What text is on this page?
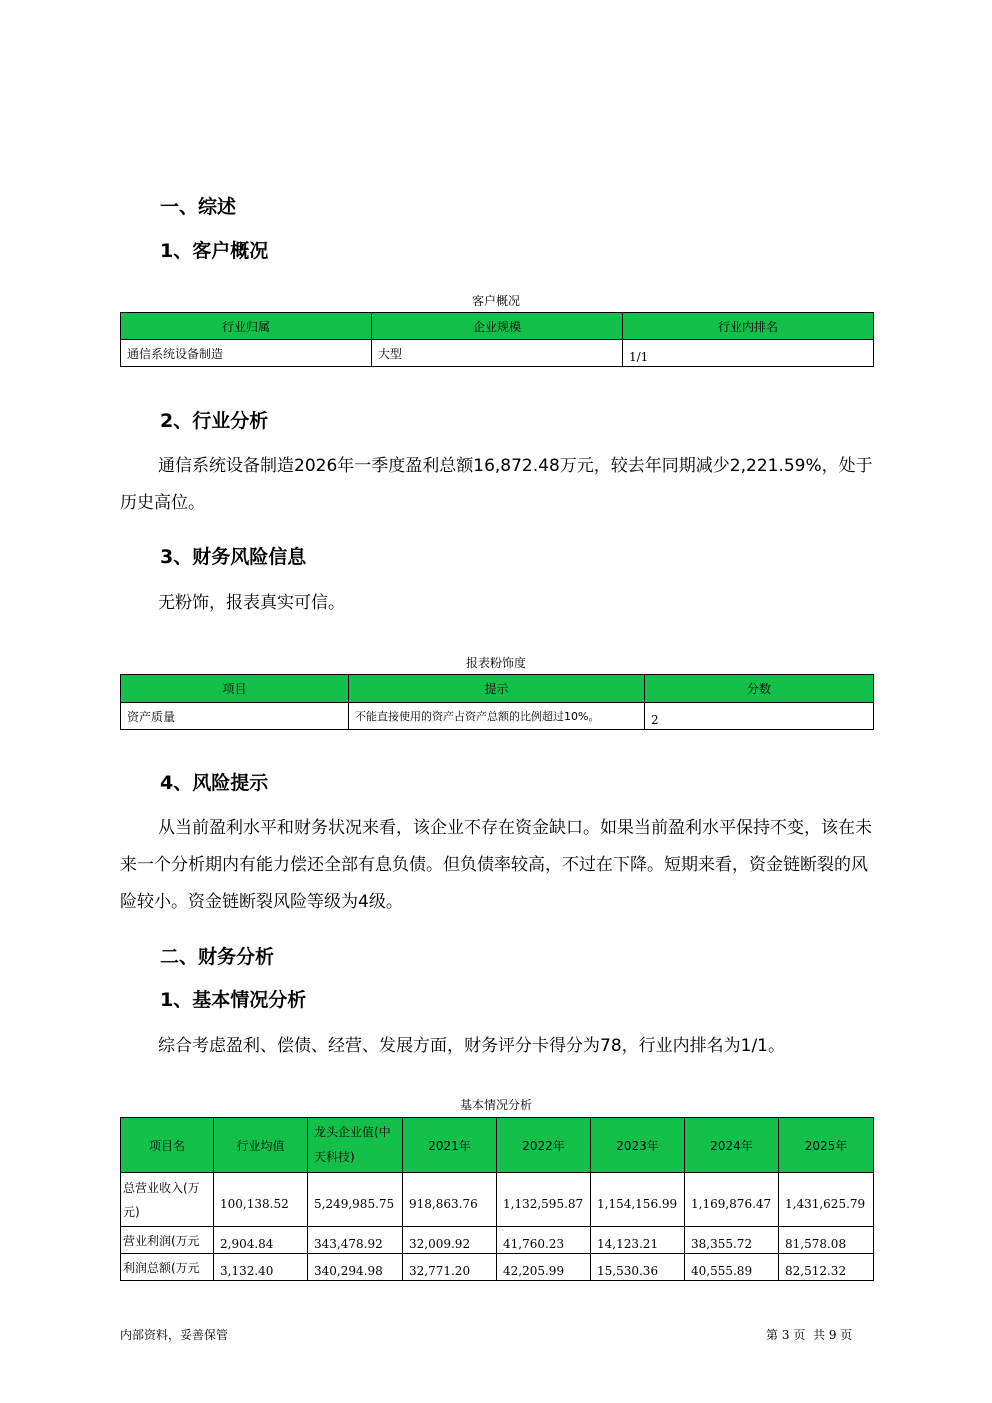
一、综述
1、客户概况
客户概况
行业归属	企业规模	行业内排名
通信系统设备制造	大型	1/1
2、行业分析
通信系统设备制造2026年一季度盈利总额16,872.48万元，较去年同期减少2,221.59%，处于历史高位。
3、财务风险信息
无粉饰，报表真实可信。
报表粉饰度
项目	提示	分数
资产质量	不能直接使用的资产占资产总额的比例超过10%。	2
4、风险提示
从当前盈利水平和财务状况来看，该企业不存在资金缺口。如果当前盈利水平保持不变，该在未来一个分析期内有能力偿还全部有息负债。但负债率较高，不过在下降。短期来看，资金链断裂的风险较小。资金链断裂风险等级为4级。
二、财务分析
1、基本情况分析
综合考虑盈利、偿债、经营、发展方面，财务评分卡得分为78，行业内排名为1/1。
基本情况分析
项目名	行业均值	龙头企业值(中天科技)	2021年	2022年	2023年	2024年	2025年
总营业收入(万元)	100,138.52	5,249,985.75	918,863.76	1,132,595.87	1,154,156.99	1,169,876.47	1,431,625.79
营业利润(万元	2,904.84	343,478.92	32,009.92	41,760.23	14,123.21	38,355.72	81,578.08
利润总额(万元	3,132.40	340,294.98	32,771.20	42,205.99	15,530.36	40,555.89	82,512.32
内部资料，妥善保管	第 3 页 共 9 页
